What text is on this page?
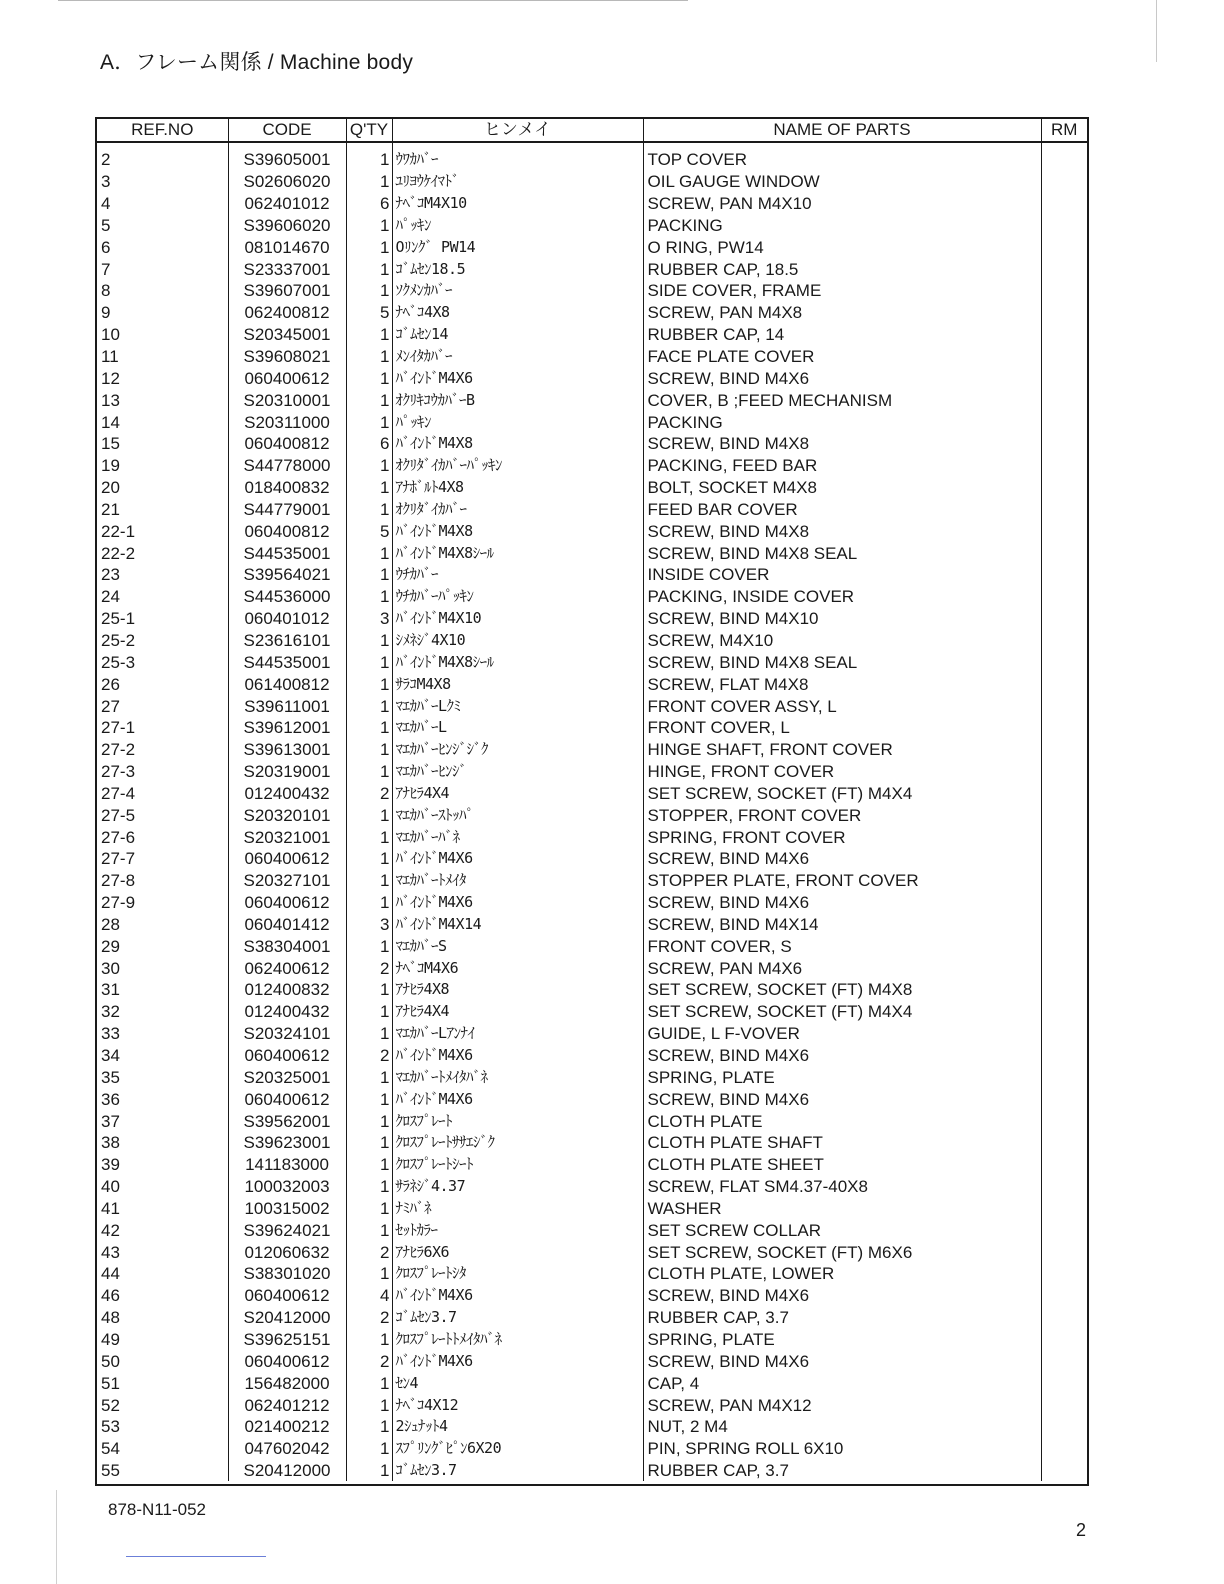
A．フレーム関係 / Machine body
REF.NO	CODE	Q'TY	ヒンメイ	NAME OF PARTS	RM
2	S39605001	1	ｳﾜｶﾊﾞｰ	TOP COVER	
3	S02606020	1	ﾕﾘﾖｳｹｲﾏﾄﾞ	OIL GAUGE WINDOW	
4	062401012	6	ﾅﾍﾞｺM4X10	SCREW, PAN M4X10	
5	S39606020	1	ﾊﾟｯｷﾝ	PACKING	
6	081014670	1	Oﾘﾝｸﾞ PW14	O RING, PW14	
7	S23337001	1	ｺﾞﾑｾﾝ18.5	RUBBER CAP, 18.5	
8	S39607001	1	ｿｸﾒﾝｶﾊﾞｰ	SIDE COVER, FRAME	
9	062400812	5	ﾅﾍﾞｺ4X8	SCREW, PAN M4X8	
10	S20345001	1	ｺﾞﾑｾﾝ14	RUBBER CAP, 14	
11	S39608021	1	ﾒﾝｲﾀｶﾊﾞｰ	FACE PLATE COVER	
12	060400612	1	ﾊﾞｲﾝﾄﾞM4X6	SCREW, BIND M4X6	
13	S20310001	1	ｵｸﾘｷｺｳｶﾊﾞｰB	COVER, B ;FEED MECHANISM	
14	S20311000	1	ﾊﾟｯｷﾝ	PACKING	
15	060400812	6	ﾊﾞｲﾝﾄﾞM4X8	SCREW, BIND M4X8	
19	S44778000	1	ｵｸﾘﾀﾞｲｶﾊﾞｰﾊﾟｯｷﾝ	PACKING, FEED BAR	
20	018400832	1	ｱﾅﾎﾞﾙﾄ4X8	BOLT, SOCKET M4X8	
21	S44779001	1	ｵｸﾘﾀﾞｲｶﾊﾞｰ	FEED BAR COVER	
22-1	060400812	5	ﾊﾞｲﾝﾄﾞM4X8	SCREW, BIND M4X8	
22-2	S44535001	1	ﾊﾞｲﾝﾄﾞM4X8ｼｰﾙ	SCREW, BIND M4X8 SEAL	
23	S39564021	1	ｳﾁｶﾊﾞｰ	INSIDE COVER	
24	S44536000	1	ｳﾁｶﾊﾞｰﾊﾟｯｷﾝ	PACKING, INSIDE COVER	
25-1	060401012	3	ﾊﾞｲﾝﾄﾞM4X10	SCREW, BIND M4X10	
25-2	S23616101	1	ｼﾒﾈｼﾞ4X10	SCREW, M4X10	
25-3	S44535001	1	ﾊﾞｲﾝﾄﾞM4X8ｼｰﾙ	SCREW, BIND M4X8 SEAL	
26	061400812	1	ｻﾗｺM4X8	SCREW, FLAT M4X8	
27	S39611001	1	ﾏｴｶﾊﾞｰLｸﾐ	FRONT COVER ASSY, L	
27-1	S39612001	1	ﾏｴｶﾊﾞｰL	FRONT COVER, L	
27-2	S39613001	1	ﾏｴｶﾊﾞｰﾋﾝｼﾞｼﾞｸ	HINGE SHAFT, FRONT COVER	
27-3	S20319001	1	ﾏｴｶﾊﾞｰﾋﾝｼﾞ	HINGE, FRONT COVER	
27-4	012400432	2	ｱﾅﾋﾗ4X4	SET SCREW, SOCKET (FT) M4X4	
27-5	S20320101	1	ﾏｴｶﾊﾞｰｽﾄｯﾊﾟ	STOPPER, FRONT COVER	
27-6	S20321001	1	ﾏｴｶﾊﾞｰﾊﾞﾈ	SPRING, FRONT COVER	
27-7	060400612	1	ﾊﾞｲﾝﾄﾞM4X6	SCREW, BIND M4X6	
27-8	S20327101	1	ﾏｴｶﾊﾞｰﾄﾒｲﾀ	STOPPER PLATE, FRONT COVER	
27-9	060400612	1	ﾊﾞｲﾝﾄﾞM4X6	SCREW, BIND M4X6	
28	060401412	3	ﾊﾞｲﾝﾄﾞM4X14	SCREW, BIND M4X14	
29	S38304001	1	ﾏｴｶﾊﾞｰS	FRONT COVER, S	
30	062400612	2	ﾅﾍﾞｺM4X6	SCREW, PAN M4X6	
31	012400832	1	ｱﾅﾋﾗ4X8	SET SCREW, SOCKET (FT) M4X8	
32	012400432	1	ｱﾅﾋﾗ4X4	SET SCREW, SOCKET (FT) M4X4	
33	S20324101	1	ﾏｴｶﾊﾞｰLｱﾝﾅｲ	GUIDE, L F-VOVER	
34	060400612	2	ﾊﾞｲﾝﾄﾞM4X6	SCREW, BIND M4X6	
35	S20325001	1	ﾏｴｶﾊﾞｰﾄﾒｲﾀﾊﾞﾈ	SPRING, PLATE	
36	060400612	1	ﾊﾞｲﾝﾄﾞM4X6	SCREW, BIND M4X6	
37	S39562001	1	ｸﾛｽﾌﾟﾚｰﾄ	CLOTH PLATE	
38	S39623001	1	ｸﾛｽﾌﾟﾚｰﾄｻｻｴｼﾞｸ	CLOTH PLATE SHAFT	
39	141183000	1	ｸﾛｽﾌﾟﾚｰﾄｼｰﾄ	CLOTH PLATE SHEET	
40	100032003	1	ｻﾗﾈｼﾞ4.37	SCREW, FLAT SM4.37-40X8	
41	100315002	1	ﾅﾐﾊﾞﾈ	WASHER	
42	S39624021	1	ｾｯﾄｶﾗｰ	SET SCREW COLLAR	
43	012060632	2	ｱﾅﾋﾗ6X6	SET SCREW, SOCKET (FT) M6X6	
44	S38301020	1	ｸﾛｽﾌﾟﾚｰﾄｼﾀ	CLOTH PLATE, LOWER	
46	060400612	4	ﾊﾞｲﾝﾄﾞM4X6	SCREW, BIND M4X6	
48	S20412000	2	ｺﾞﾑｾﾝ3.7	RUBBER CAP, 3.7	
49	S39625151	1	ｸﾛｽﾌﾟﾚｰﾄﾄﾒｲﾀﾊﾞﾈ	SPRING, PLATE	
50	060400612	2	ﾊﾞｲﾝﾄﾞM4X6	SCREW, BIND M4X6	
51	156482000	1	ｾﾝ4	CAP, 4	
52	062401212	1	ﾅﾍﾞｺ4X12	SCREW, PAN M4X12	
53	021400212	1	2ｼｭﾅｯﾄ4	NUT, 2 M4	
54	047602042	1	ｽﾌﾟﾘﾝｸﾞﾋﾟﾝ6X20	PIN, SPRING ROLL 6X10	
55	S20412000	1	ｺﾞﾑｾﾝ3.7	RUBBER CAP, 3.7	
878-N11-052
2
